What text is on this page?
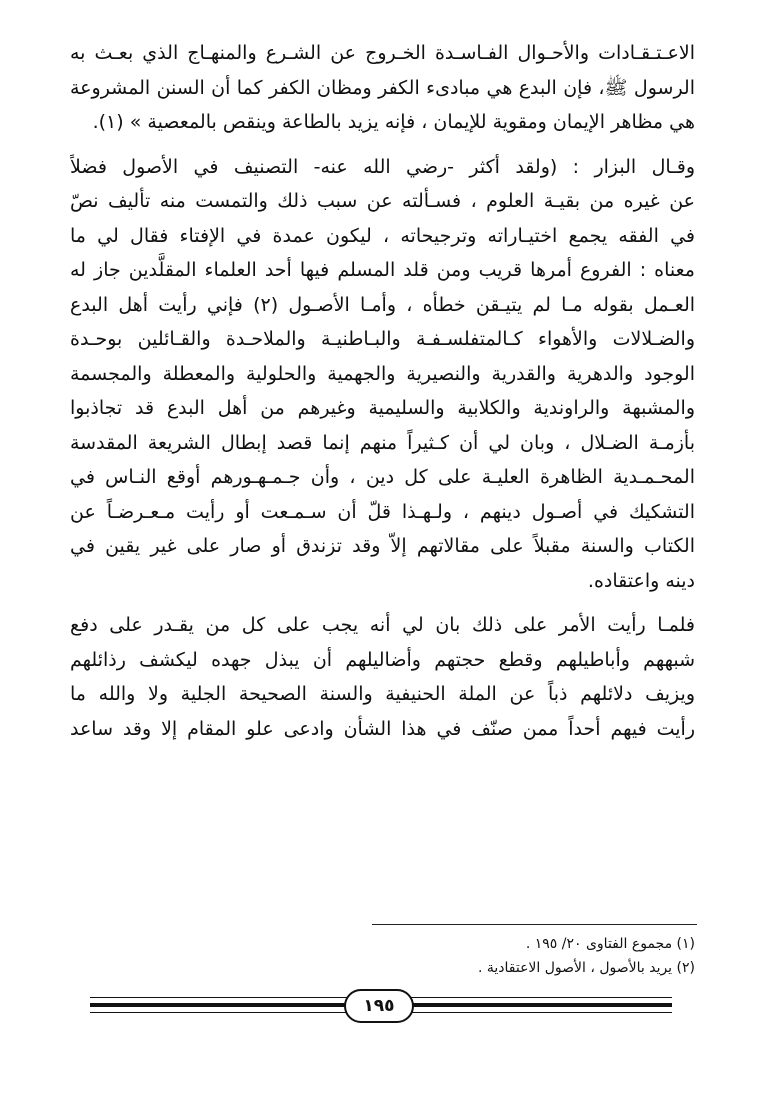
الاعـتـقـادات والأحـوال الفـاسـدة الخـروج عن الشـرع والمنهـاج الذي بعـث به
الرسول ﷺ، فإن البدع هي مبادىء الكفر ومظان الكفر كما أن السنن المشروعة
هي مظاهر الإيمان ومقوية للإيمان ، فإنه يزيد بالطاعة وينقص بالمعصية » (١).
وقـال البزار : (ولقد أكثر -رضي الله عنه- التصنيف في الأصول فضلاً
عن غيره من بقيـة العلوم ، فسـألته عن سبب ذلك والتمست منه تأليف نصّ
في الفقه يجمع اختيـاراته وترجيحاته ، ليكون عمدة في الإفتاء فقال لي ما
معناه : الفروع أمرها قريب ومن قلد المسلم فيها أحد العلماء المقلَّدين جاز له
العـمل بقوله مـا لم يتيـقن خطأه ، وأمـا الأصـول (٢) فإني رأيت أهل البدع
والضـلالات والأهواء كـالمتفلسـفـة والبـاطنيـة والملاحـدة والقـائلين بوحـدة
الوجود والدهرية والقدرية والنصيرية والجهمية والحلولية والمعطلة والمجسمة
والمشبهة والراوندية والكلابية والسليمية وغيرهم من أهل البدع قد تجاذبوا
بأزمـة الضـلال ، وبان لي أن كـثيراً منهم إنما قصد إبطال الشريعة المقدسة
المحـمـدية الظاهرة العليـة على كل دين ، وأن جـمـهـورهم أوقع النـاس في
التشكيك في أصـول دينهم ، ولـهـذا قلّ أن سـمـعت أو رأيت مـعـرضـاً عن
الكتاب والسنة مقبلاً على مقالاتهم إلاّ وقد تزندق أو صار على غير يقين في
دينه واعتقاده.
فلمـا رأيت الأمر على ذلك بان لي أنه يجب على كل من يقـدر على دفع
شبههم وأباطيلهم وقطع حجتهم وأضاليلهم أن يبذل جهده ليكشف رذائلهم
ويزيف دلائلهم ذباً عن الملة الحنيفية والسنة الصحيحة الجلية ولا والله ما
رأيت فيهم أحداً ممن صنّف في هذا الشأن وادعى علو المقام إلا وقد ساعد
(١) مجموع الفتاوى ٢٠/ ١٩٥ .
(٢) يريد بالأصول ، الأصول الاعتقادية .
١٩٥
